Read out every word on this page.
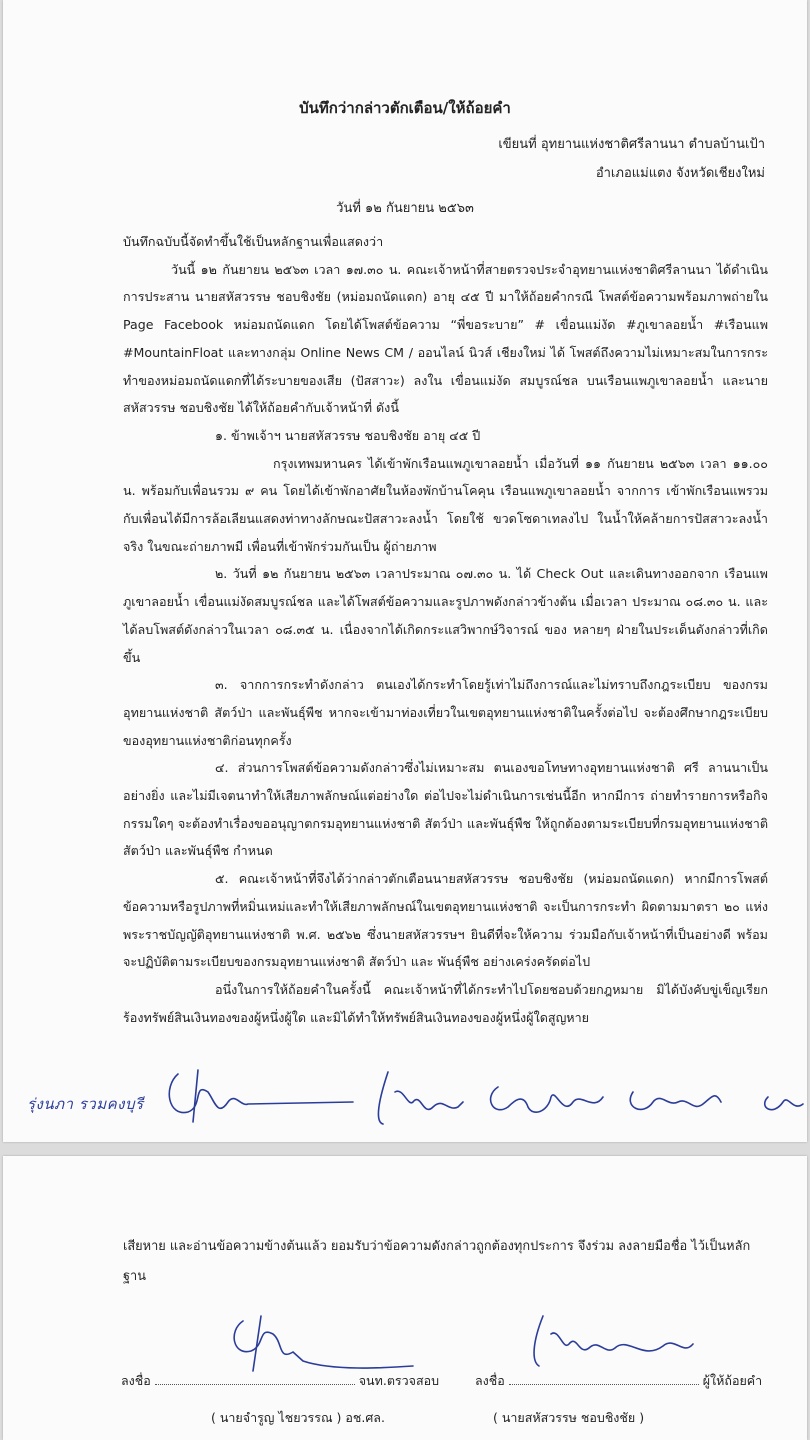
บันทึกว่ากล่าวตักเตือน/ให้ถ้อยคำ
เขียนที่ อุทยานแห่งชาติศรีลานนา ตำบลบ้านเป้า
อำเภอแม่แตง จังหวัดเชียงใหม่
วันที่ ๑๒ กันยายน ๒๕๖๓

บันทึกฉบับนี้จัดทำขึ้นใช้เป็นหลักฐานเพื่อแสดงว่า

วันนี้ ๑๒ กันยายน ๒๕๖๓ เวลา ๑๗.๓๐ น. คณะเจ้าหน้าที่สายตรวจประจำอุทยานแห่งชาติศรีลานนา ได้ดำเนินการประสาน นายสหัสวรรษ ชอบชิงชัย (หม่อมถนัดแดก) อายุ ๔๕ ปี มาให้ถ้อยคำกรณี โพสต์ข้อความพร้อมภาพถ่ายใน Page Facebook หม่อมถนัดแดก โดยได้โพสต์ข้อความ “พี่ขอระบาย” # เขื่อนแม่งัด #ภูเขาลอยน้ำ #เรือนแพ #MountainFloat และทางกลุ่ม Online News CM / ออนไลน์ นิวส์ เชียงใหม่ ได้ โพสต์ถึงความไม่เหมาะสมในการกระทำของหม่อมถนัดแดกที่ได้ระบายของเสีย (ปัสสาวะ) ลงใน เขื่อนแม่งัด สมบูรณ์ชล บนเรือนแพภูเขาลอยน้ำ และนายสหัสวรรษ ชอบชิงชัย ได้ให้ถ้อยคำกับเจ้าหน้าที่ ดังนี้

๑. ข้าพเจ้าฯ นายสหัสวรรษ ชอบชิงชัย อายุ ๔๕ ปี

กรุงเทพมหานคร ได้เข้าพักเรือนแพภูเขาลอยน้ำ เมื่อวันที่ ๑๑ กันยายน ๒๕๖๓ เวลา ๑๑.๐๐ น. พร้อมกับเพื่อนรวม ๙ คน โดยได้เข้าพักอาศัยในห้องพักบ้านโคคุน เรือนแพภูเขาลอยน้ำ จากการ เข้าพักเรือนแพรวมกับเพื่อนได้มีการล้อเลียนแสดงท่าทางลักษณะปัสสาวะลงน้ำ โดยใช้ ขวดโซดาเทลงไป ในน้ำให้คล้ายการปัสสาวะลงน้ำจริง ในขณะถ่ายภาพมี เพื่อนที่เข้าพักร่วมกันเป็น ผู้ถ่ายภาพ

๒. วันที่ ๑๒ กันยายน ๒๕๖๓ เวลาประมาณ ๐๗.๓๐ น. ได้ Check Out และเดินทางออกจาก เรือนแพภูเขาลอยน้ำ เขื่อนแม่งัดสมบูรณ์ชล และได้โพสต์ข้อความและรูปภาพดังกล่าวข้างต้น เมื่อเวลา ประมาณ ๐๘.๓๐ น. และได้ลบโพสต์ดังกล่าวในเวลา ๐๘.๓๕ น. เนื่องจากได้เกิดกระแสวิพากษ์วิจารณ์ ของ หลายๆ ฝ่ายในประเด็นดังกล่าวที่เกิดขึ้น

๓. จากการกระทำดังกล่าว ตนเองได้กระทำโดยรู้เท่าไม่ถึงการณ์และไม่ทราบถึงกฎระเบียบ ของกรมอุทยานแห่งชาติ สัตว์ป่า และพันธุ์พืช หากจะเข้ามาท่องเที่ยวในเขตอุทยานแห่งชาติในครั้งต่อไป จะต้องศึกษากฎระเบียบของอุทยานแห่งชาติก่อนทุกครั้ง

๔. ส่วนการโพสต์ข้อความดังกล่าวซึ่งไม่เหมาะสม ตนเองขอโทษทางอุทยานแห่งชาติ ศรี ลานนาเป็นอย่างยิ่ง และไม่มีเจตนาทำให้เสียภาพลักษณ์แต่อย่างใด ต่อไปจะไม่ดำเนินการเช่นนี้อีก หากมีการ ถ่ายทำรายการหรือกิจกรรมใดๆ จะต้องทำเรื่องขออนุญาตกรมอุทยานแห่งชาติ สัตว์ป่า และพันธุ์พืช ให้ถูกต้องตามระเบียบที่กรมอุทยานแห่งชาติ สัตว์ป่า และพันธุ์พืช กำหนด

๕. คณะเจ้าหน้าที่จึงได้ว่ากล่าวตักเตือนนายสหัสวรรษ ชอบชิงชัย (หม่อมถนัดแดก) หากมีการโพสต์ข้อความหรือรูปภาพที่หมิ่นเหม่และทำให้เสียภาพลักษณ์ในเขตอุทยานแห่งชาติ จะเป็นการกระทำ ผิดตามมาตรา ๒๐ แห่งพระราชบัญญัติอุทยานแห่งชาติ พ.ศ. ๒๕๖๒ ซึ่งนายสหัสวรรษฯ ยินดีที่จะให้ความ ร่วมมือกับเจ้าหน้าที่เป็นอย่างดี พร้อมจะปฏิบัติตามระเบียบของกรมอุทยานแห่งชาติ สัตว์ป่า และ พันธุ์พืช อย่างเคร่งครัดต่อไป

อนึ่งในการให้ถ้อยคำในครั้งนี้ คณะเจ้าหน้าที่ได้กระทำไปโดยชอบด้วยกฎหมาย มิได้บังคับขู่เข็ญเรียกร้องทรัพย์สินเงินทองของผู้หนึ่งผู้ใด และมิได้ทำให้ทรัพย์สินเงินทองของผู้หนึ่งผู้ใดสูญหาย

รุ่งนภา รวมคงบุรี
เสียหาย และอ่านข้อความข้างต้นแล้ว ยอมรับว่าข้อความดังกล่าวถูกต้องทุกประการ จึงร่วม ลงลายมือชื่อ ไว้เป็นหลักฐาน
ลงชื่อ	จนท.ตรวจสอบ
( นายจำรูญ ไชยวรรณ ) อช.ศล.
ลงชื่อ	ผู้ให้ถ้อยคำ
( นายสหัสวรรษ ชอบชิงชัย )
